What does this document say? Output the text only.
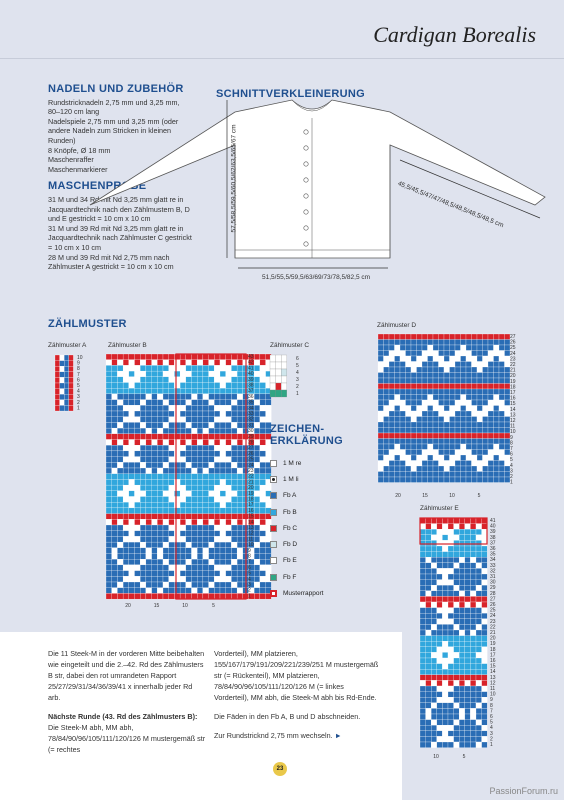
Cardigan Borealis
NADELN UND ZUBEHÖR
Rundstricknadeln 2,75 mm und 3,25 mm,
80–120 cm lang
Nadelspiele 2,75 mm und 3,25 mm (oder
andere Nadeln zum Stricken in kleinen
Runden)
8 Knöpfe, Ø 18 mm
Maschenraffer
Maschenmarkierer
MASCHENPROBE
31 M und 34 Rd mit Nd 3,25 mm glatt re in
Jacquardtechnik nach den Zählmustern B, D
und E gestrickt = 10 cm x 10 cm
31 M und 39 Rd mit Nd 3,25 mm glatt re in
Jacquardtechnik nach Zählmuster C gestrickt
= 10 cm x 10 cm
28 M und 39 Rd mit Nd 2,75 mm nach
Zählmuster A gestrickt = 10 cm x 10 cm
SCHNITTVERKLEINERUNG
57,5/58,5/59,5/60,5/62/63,5/65/67 cm
51,5/55,5/59,5/63/69/73/78,5/82,5 cm
45,5/45,5/47/47/48,5/48,5/48,5/48,5 cm
ZÄHLMUSTER
Zählmuster A	Zählmuster B	Zählmuster C
Zählmuster D
Zählmuster E
10
9
8
7
6
5
4
3
2
1
43
42
41
40
39
38
37
36
35
34
33
32
31
30
29
28
27
26
25
24
23
22
21
20
19
18
17
16
15
14
13
12
11
10
9
8
7
6
5
4
3
2
1
20	15	10	5
6
5
4
3
2
1
27
26
25
24
23
22
21
20
19
18
17
16
15
14
13
12
11
10
9
8
7
6
5
4
3
2
1
20	15	10	5
41
40
39
38
37
36
35
34
33
32
31
30
29
28
27
26
25
24
23
22
21
20
19
18
17
16
15
14
13
12
11
10
9
8
7
6
5
4
3
2
1
10	5
ZEICHEN-
ERKLÄRUNG
1 M re
1 M li
Fb A
Fb B
Fb C
Fb D
Fb E
Fb F
Musterrapport

Die 11 Steek-M in der vorderen Mitte beibehalten wie eingeteilt und die 2.–42. Rd des Zählmusters B str, dabei den rot umrandeten Rapport 25/27/29/31/34/36/39/41 x innerhalb jeder Rd arb.

Nächste Runde (43. Rd des Zählmusters B):

Die Steek-M abh, MM abh, 78/84/90/96/105/111/120/126 M mustergemäß str (= rechtes

Vorderteil), MM platzieren, 155/167/179/191/209/221/239/251 M mustergemäß str (= Rückenteil), MM platzieren, 78/84/90/96/105/111/120/126 M (= linkes Vorderteil), MM abh, die Steek-M abh bis Rd-Ende.

Die Fäden in den Fb A, B und D abschneiden.

Zur Rundstricknd 2,75 mm wechseln. ►

23
PassionForum.ru
